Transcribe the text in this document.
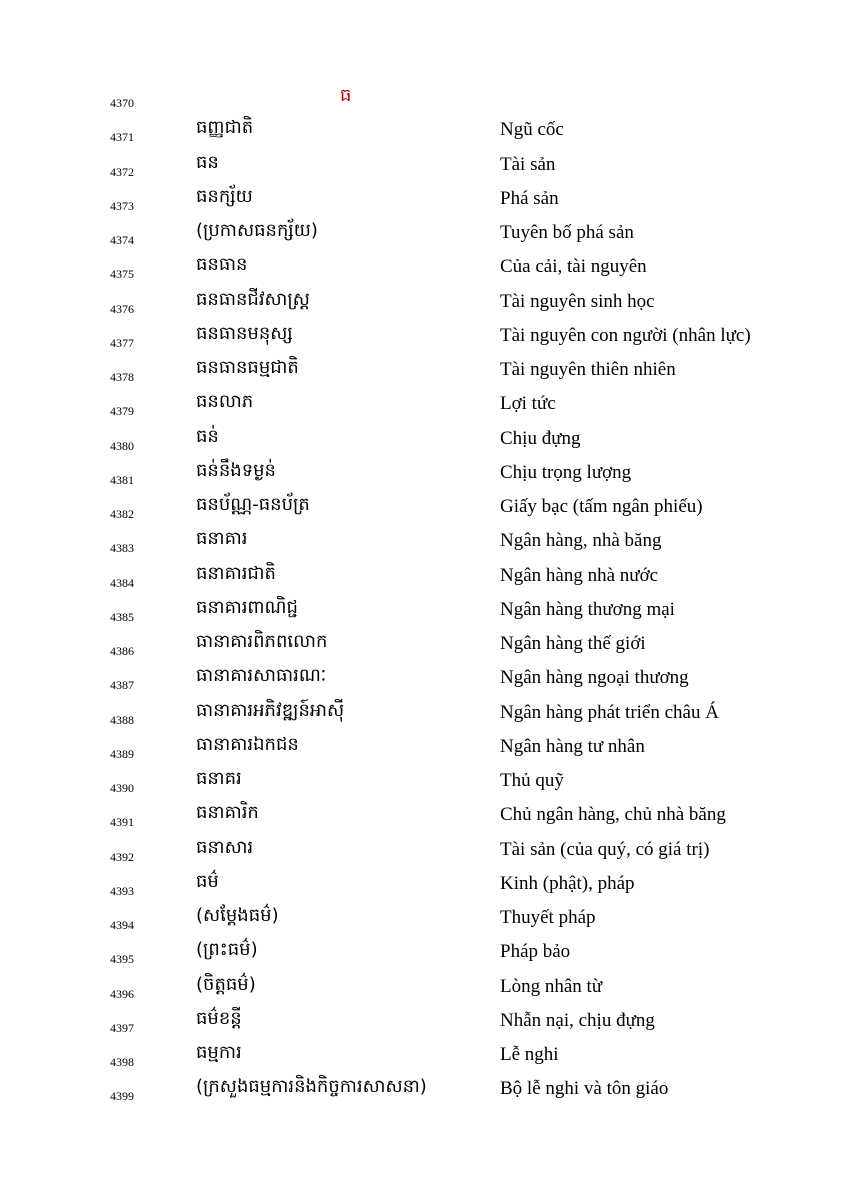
4370	ធ
4371	ធញ្ញជាតិ	Ngũ cốc
4372	ធន	Tài sản
4373	ធនក្ស័យ	Phá sản
4374	(ប្រកាសធនក្ស័យ)	Tuyên bố phá sản
4375	ធនធាន	Của cải, tài nguyên
4376	ធនធានជីវសាស្ត្រ	Tài nguyên sinh học
4377	ធនធានមនុស្ស	Tài nguyên con người (nhân lực)
4378	ធនធានធម្មជាតិ	Tài nguyên thiên nhiên
4379	ធនលាភ	Lợi tức
4380	ធន់	Chịu đựng
4381	ធន់នឹងទម្ងន់	Chịu trọng lượng
4382	ធនប័ណ្ណ-ធនប័ត្រ	Giấy bạc (tấm ngân phiếu)
4383	ធនាគារ	Ngân hàng, nhà băng
4384	ធនាគារជាតិ	Ngân hàng nhà nước
4385	ធនាគារពាណិជ្ជ	Ngân hàng thương mại
4386	ធានាគារពិភពលោក	Ngân hàng thế giới
4387	ធានាគារសាធារណៈ	Ngân hàng ngoại thương
4388	ធានាគារអភិវឌ្ឍន៍អាស៊ី	Ngân hàng phát triển châu Á
4389	ធានាគារឯកជន	Ngân hàng tư nhân
4390	ធនាគរ	Thủ quỹ
4391	ធនាគារិក	Chủ ngân hàng, chủ nhà băng
4392	ធនាសារ	Tài sản (của quý, có giá trị)
4393	ធម៌	Kinh (phật), pháp
4394	(សម្តែងធម៌)	Thuyết pháp
4395	(ព្រះធម៌)	Pháp bảo
4396	(ចិត្តធម៌)	Lòng nhân từ
4397	ធម៌ខន្តី	Nhẫn nại, chịu đựng
4398	ធម្មការ	Lễ nghi
4399	(ក្រសួងធម្មការនិងកិច្ចការសាសនា)	Bộ lễ nghi và tôn giáo
